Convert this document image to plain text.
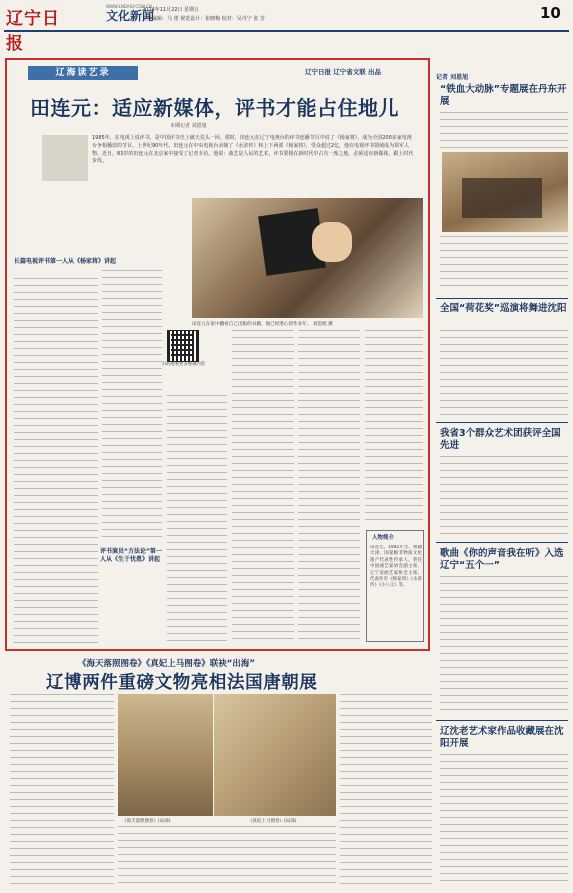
辽宁日报
WWW.LNDAILY.COM.CN
文化新闻
2024年11月22日 星期五
责任编辑：马 蕾 视觉设计：崔晓梅 校对：吴丹宁 张 芳	10
辽海读艺录	辽宁日报 辽宁省文联 出品
田连元：适应新媒体，评书才能占住地儿
本期记者 刘恩旭
1985年，在电视上说评书，是中国评书史上破天荒头一回。那时，田连元在辽宁电视台的评书连播节目中说了《杨家将》，成为全国200多家电视台争相播放的节目。上世纪90年代，田连元在中央电视台录制了《水浒传》和上下两部《杨家将》，受众超过2亿，他在电视评书领域成为领军人物。近日，83岁的田连元在北京家中接受了记者专访。他说：曲艺是人民的艺术，评书要想在新时代中占有一席之地，必须适应新媒体，跟上时代步伐。
长篇电视评书第一人从《杨家将》讲起
评书演员“方法论”第一人从《生于忧患》讲起
田连元在家中翻看自己出版的书籍，他已经潜心创作多年。 刘恩旭 摄
扫码观看更多视频内容
人物简介
田连元，1941年生，祖籍天津，国家级非物质文化遗产代表性传承人。曾任中国曲艺家协会副主席、辽宁省曲艺家协会主席。代表作有《杨家将》《水浒传》《小八义》等。
记者 刘恩旭
“铁血大动脉”专题展在丹东开展
全国“荷花奖”巡演将舞进沈阳
我省3个群众艺术团获评全国先进
歌曲《你的声音我在听》入选辽宁“五个一”
辽沈老艺术家作品收藏展在沈阳开展
《海天落照图卷》《真妃上马图卷》联袂“出海”
辽博两件重磅文物亮相法国唐朝展
《海天落照图卷》(局部)	《真妃上马图卷》(局部)
